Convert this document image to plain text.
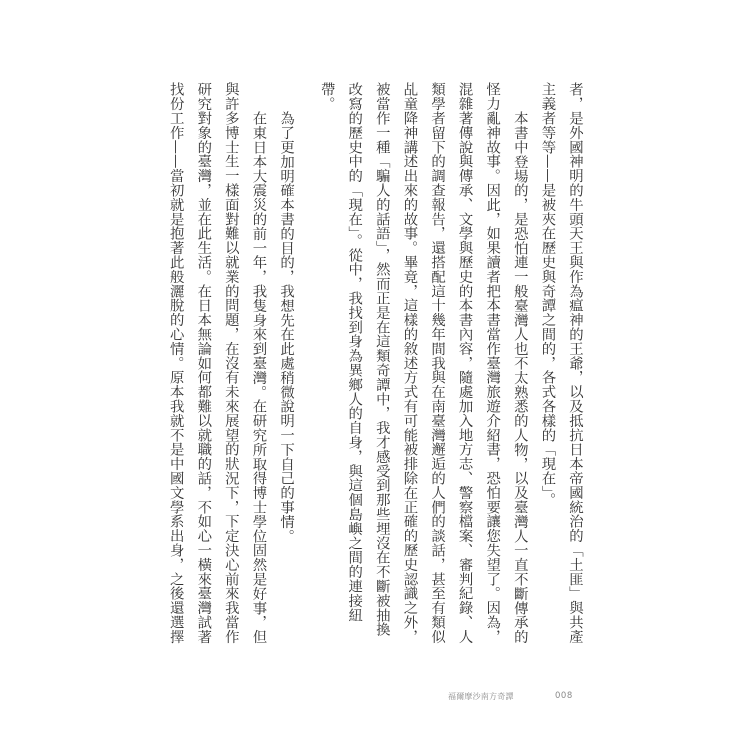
者，是外國神明的牛頭天王與作為瘟神的王爺，以及抵抗日本帝國統治的「土匪」與共產
主義者等等——是被夾在歷史與奇譚之間的，各式各樣的「現在」。
本書中登場的，是恐怕連一般臺灣人也不太熟悉的人物，以及臺灣人一直不斷傳承的
怪力亂神故事。因此，如果讀者把本書當作臺灣旅遊介紹書，恐怕要讓您失望了。因為，
混雜著傳說與傳承、文學與歷史的本書內容，隨處加入地方志、警察檔案、審判紀錄、人
類學者留下的調查報告，還搭配這十幾年間我與在南臺灣邂逅的人們的談話，甚至有類似
乩童降神講述出來的故事。畢竟，這樣的敘述方式有可能被排除在正確的歷史認識之外，
被當作一種「騙人的話語」，然而正是在這類奇譚中，我才感受到那些埋沒在不斷被抽換
改寫的歷史中的「現在」。從中，我找到身為異鄉人的自身，與這個島嶼之間的連接紐
帶。
為了更加明確本書的目的，我想先在此處稍微說明一下自己的事情。
在東日本大震災的前一年，我隻身來到臺灣。在研究所取得博士學位固然是好事，但
與許多博士生一樣面對難以就業的問題，在沒有未來展望的狀況下，下定決心前來我當作
研究對象的臺灣，並在此生活。在日本無論如何都難以就職的話，不如心一橫來臺灣試著
找份工作——當初就是抱著此般灑脫的心情。原本我就不是中國文學系出身，之後還選擇
福爾摩沙南方奇譚	008
